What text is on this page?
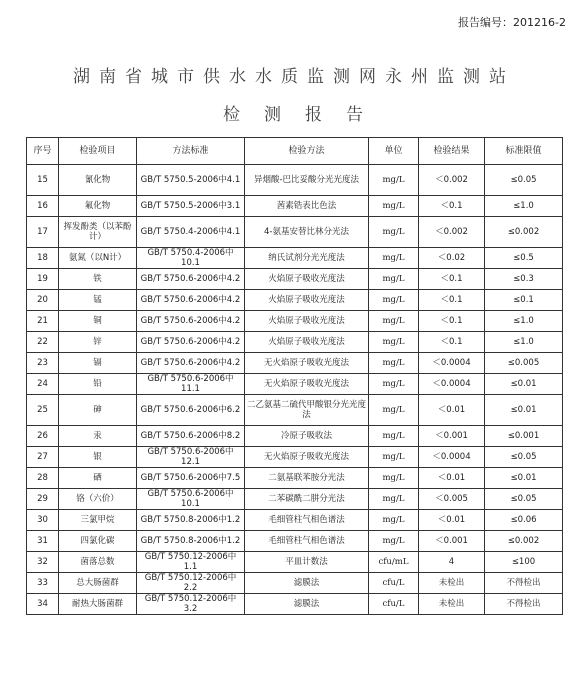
报告编号：201216-2
湖南省城市供水水质监测网永州监测站
检测报告
序号	检验项目	方法标准	检验方法	单位	检验结果	标准限值
15	氰化物	GB/T 5750.5-2006中4.1	异烟酸-巴比妥酸分光光度法	mg/L	＜0.002	≤0.05
16	氟化物	GB/T 5750.5-2006中3.1	茜素锆表比色法	mg/L	＜0.1	≤1.0
17	挥发酚类（以苯酚计）	GB/T 5750.4-2006中4.1	4-氨基安替比林分光法	mg/L	＜0.002	≤0.002
18	氨氮（以N计）	GB/T 5750.4-2006中10.1	纳氏试剂分光光度法	mg/L	＜0.02	≤0.5
19	铁	GB/T 5750.6-2006中4.2	火焰原子吸收光度法	mg/L	＜0.1	≤0.3
20	锰	GB/T 5750.6-2006中4.2	火焰原子吸收光度法	mg/L	＜0.1	≤0.1
21	铜	GB/T 5750.6-2006中4.2	火焰原子吸收光度法	mg/L	＜0.1	≤1.0
22	锌	GB/T 5750.6-2006中4.2	火焰原子吸收光度法	mg/L	＜0.1	≤1.0
23	镉	GB/T 5750.6-2006中4.2	无火焰原子吸收光度法	mg/L	＜0.0004	≤0.005
24	铅	GB/T 5750.6-2006中11.1	无火焰原子吸收光度法	mg/L	＜0.0004	≤0.01
25	砷	GB/T 5750.6-2006中6.2	二乙氨基二硫代甲酸银分光光度法	mg/L	＜0.01	≤0.01
26	汞	GB/T 5750.6-2006中8.2	冷原子吸收法	mg/L	＜0.001	≤0.001
27	银	GB/T 5750.6-2006中12.1	无火焰原子吸收光度法	mg/L	＜0.0004	≤0.05
28	硒	GB/T 5750.6-2006中7.5	二氨基联苯胺分光法	mg/L	＜0.01	≤0.01
29	铬（六价）	GB/T 5750.6-2006中10.1	二苯碳酰二肼分光法	mg/L	＜0.005	≤0.05
30	三氯甲烷	GB/T 5750.8-2006中1.2	毛细管柱气相色谱法	mg/L	＜0.01	≤0.06
31	四氯化碳	GB/T 5750.8-2006中1.2	毛细管柱气相色谱法	mg/L	＜0.001	≤0.002
32	菌落总数	GB/T 5750.12-2006中1.1	平皿计数法	cfu/mL	4	≤100
33	总大肠菌群	GB/T 5750.12-2006中2.2	滤膜法	cfu/L	未检出	不得检出
34	耐热大肠菌群	GB/T 5750.12-2006中3.2	滤膜法	cfu/L	未检出	不得检出
